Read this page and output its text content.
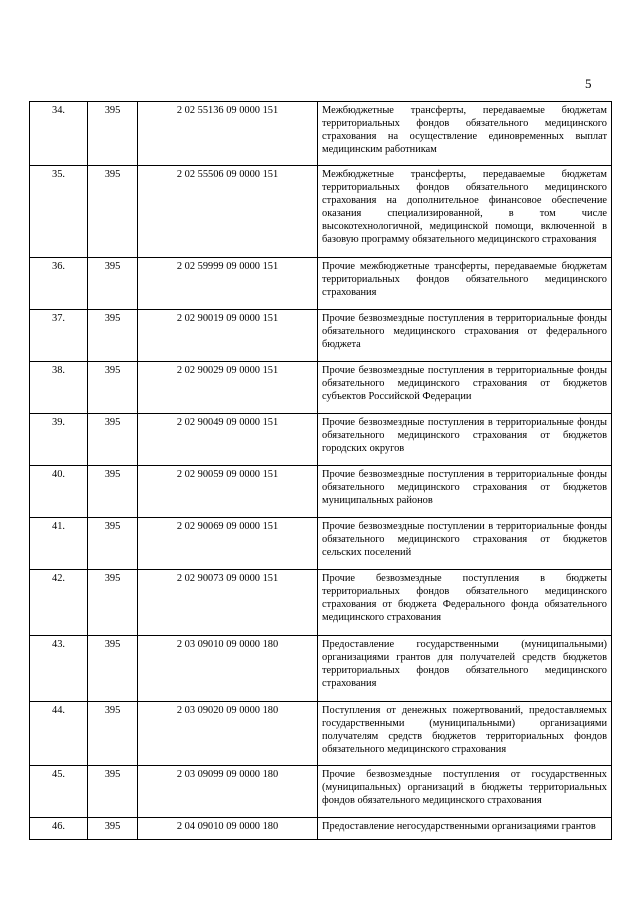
5
34.	395	2 02 55136 09 0000 151	Межбюджетные трансферты, передаваемые бюджетам территориальных фондов обязательного медицинского страхования на осуществление единовременных выплат медицинским работникам
35.	395	2 02 55506 09 0000 151	Межбюджетные трансферты, передаваемые бюджетам территориальных фондов обязательного медицинского страхования на дополнительное финансовое обеспечение оказания специализированной, в том числе высокотехнологичной, медицинской помощи, включенной в базовую программу обязательного медицинского страхования
36.	395	2 02 59999 09 0000 151	Прочие межбюджетные трансферты, передаваемые бюджетам территориальных фондов обязательного медицинского страхования
37.	395	2 02 90019 09 0000 151	Прочие безвозмездные поступления в территориальные фонды обязательного медицинского страхования от федерального бюджета
38.	395	2 02 90029 09 0000 151	Прочие безвозмездные поступления в территориальные фонды обязательного медицинского страхования от бюджетов субъектов Российской Федерации
39.	395	2 02 90049 09 0000 151	Прочие безвозмездные поступления в территориальные фонды обязательного медицинского страхования от бюджетов городских округов
40.	395	2 02 90059 09 0000 151	Прочие безвозмездные поступления в территориальные фонды обязательного медицинского страхования от бюджетов муниципальных районов
41.	395	2 02 90069 09 0000 151	Прочие безвозмездные поступлении в территориальные фонды обязательного медицинского страхования от бюджетов сельских поселений
42.	395	2 02 90073 09 0000 151	Прочие безвозмездные поступления в бюджеты территориальных фондов обязательного медицинского страхования от бюджета Федерального фонда обязательного медицинского страхования
43.	395	2 03 09010 09 0000 180	Предоставление государственными (муниципальными) организациями грантов для получателей средств бюджетов территориальных фондов обязательного медицинского страхования
44.	395	2 03 09020 09 0000 180	Поступления от денежных пожертвований, предоставляемых государственными (муниципальными) организациями получателям средств бюджетов территориальных фондов обязательного медицинского страхования
45.	395	2 03 09099 09 0000 180	Прочие безвозмездные поступления от государственных (муниципальных) организаций в бюджеты территориальных фондов обязательного медицинского страхования
46.	395	2 04 09010 09 0000 180	Предоставление негосударственными организациями грантов
